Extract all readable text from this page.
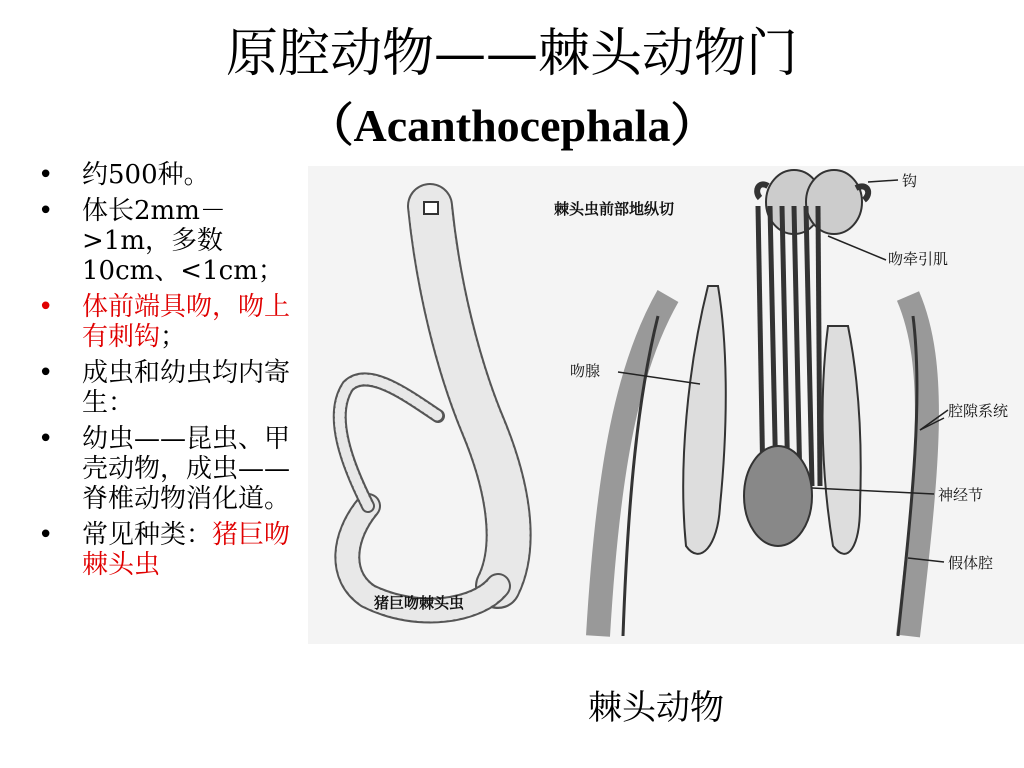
原腔动物——棘头动物门
（Acanthocephala）
• 约500种。
• 体长2mm－>1m，多数10cm、<1cm；
• 体前端具吻，吻上有刺钩；
• 成虫和幼虫均内寄生：
• 幼虫——昆虫、甲壳动物，成虫——脊椎动物消化道。
• 常见种类：猪巨吻棘头虫
猪巨吻棘头虫
棘头虫前部地纵切
钩
吻牵引肌
吻腺
腔隙系统
神经节
假体腔
棘头动物
